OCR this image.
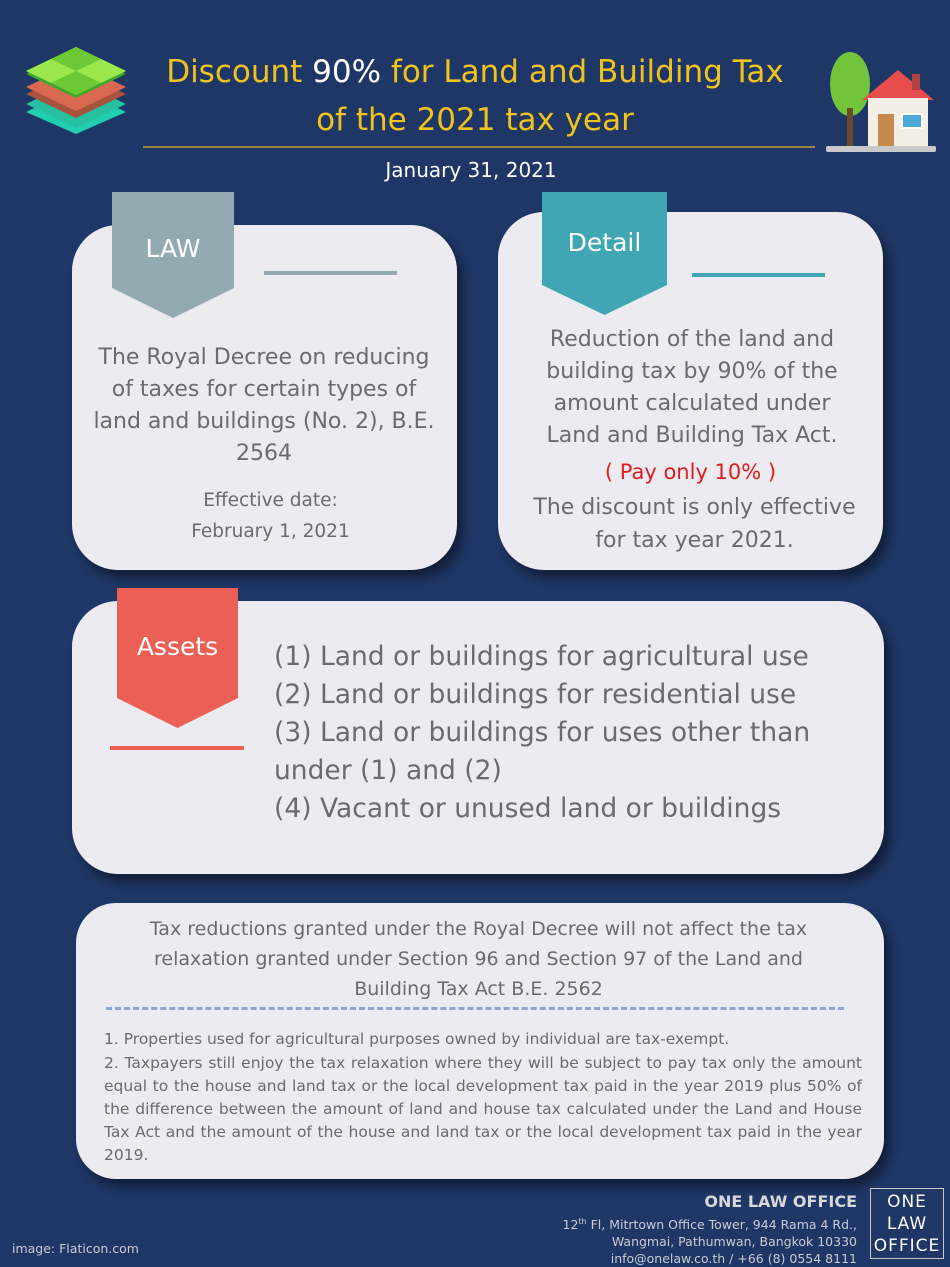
Discount 90% for Land and Building Tax
of the 2021 tax year
January 31, 2021
LAW
The Royal Decree on reducing of taxes for certain types of land and buildings (No. 2), B.E. 2564
Effective date:
February 1, 2021
Detail
Reduction of the land and building tax by 90% of the amount calculated under Land and Building Tax Act.
( Pay only 10% )
The discount is only effective for tax year 2021.
Assets	(1) Land or buildings for agricultural use
(2) Land or buildings for residential use
(3) Land or buildings for uses other than under (1) and (2)
(4) Vacant or unused land or buildings
Tax reductions granted under the Royal Decree will not affect the tax relaxation granted under Section 96 and Section 97 of the Land and Building Tax Act B.E. 2562
1. Properties used for agricultural purposes owned by individual are tax-exempt.
2. Taxpayers still enjoy the tax relaxation where they will be subject to pay tax only the amount equal to the house and land tax or the local development tax paid in the year 2019 plus 50% of the difference between the amount of land and house tax calculated under the Land and House Tax Act and the amount of the house and land tax or the local development tax paid in the year 2019.
ONE LAW OFFICE
12th Fl, Mitrtown Office Tower, 944 Rama 4 Rd.,
Wangmai, Pathumwan, Bangkok 10330
info@onelaw.co.th / +66 (8) 0554 8111
image: Flaticon.com
ONE
LAW
OFFICE
